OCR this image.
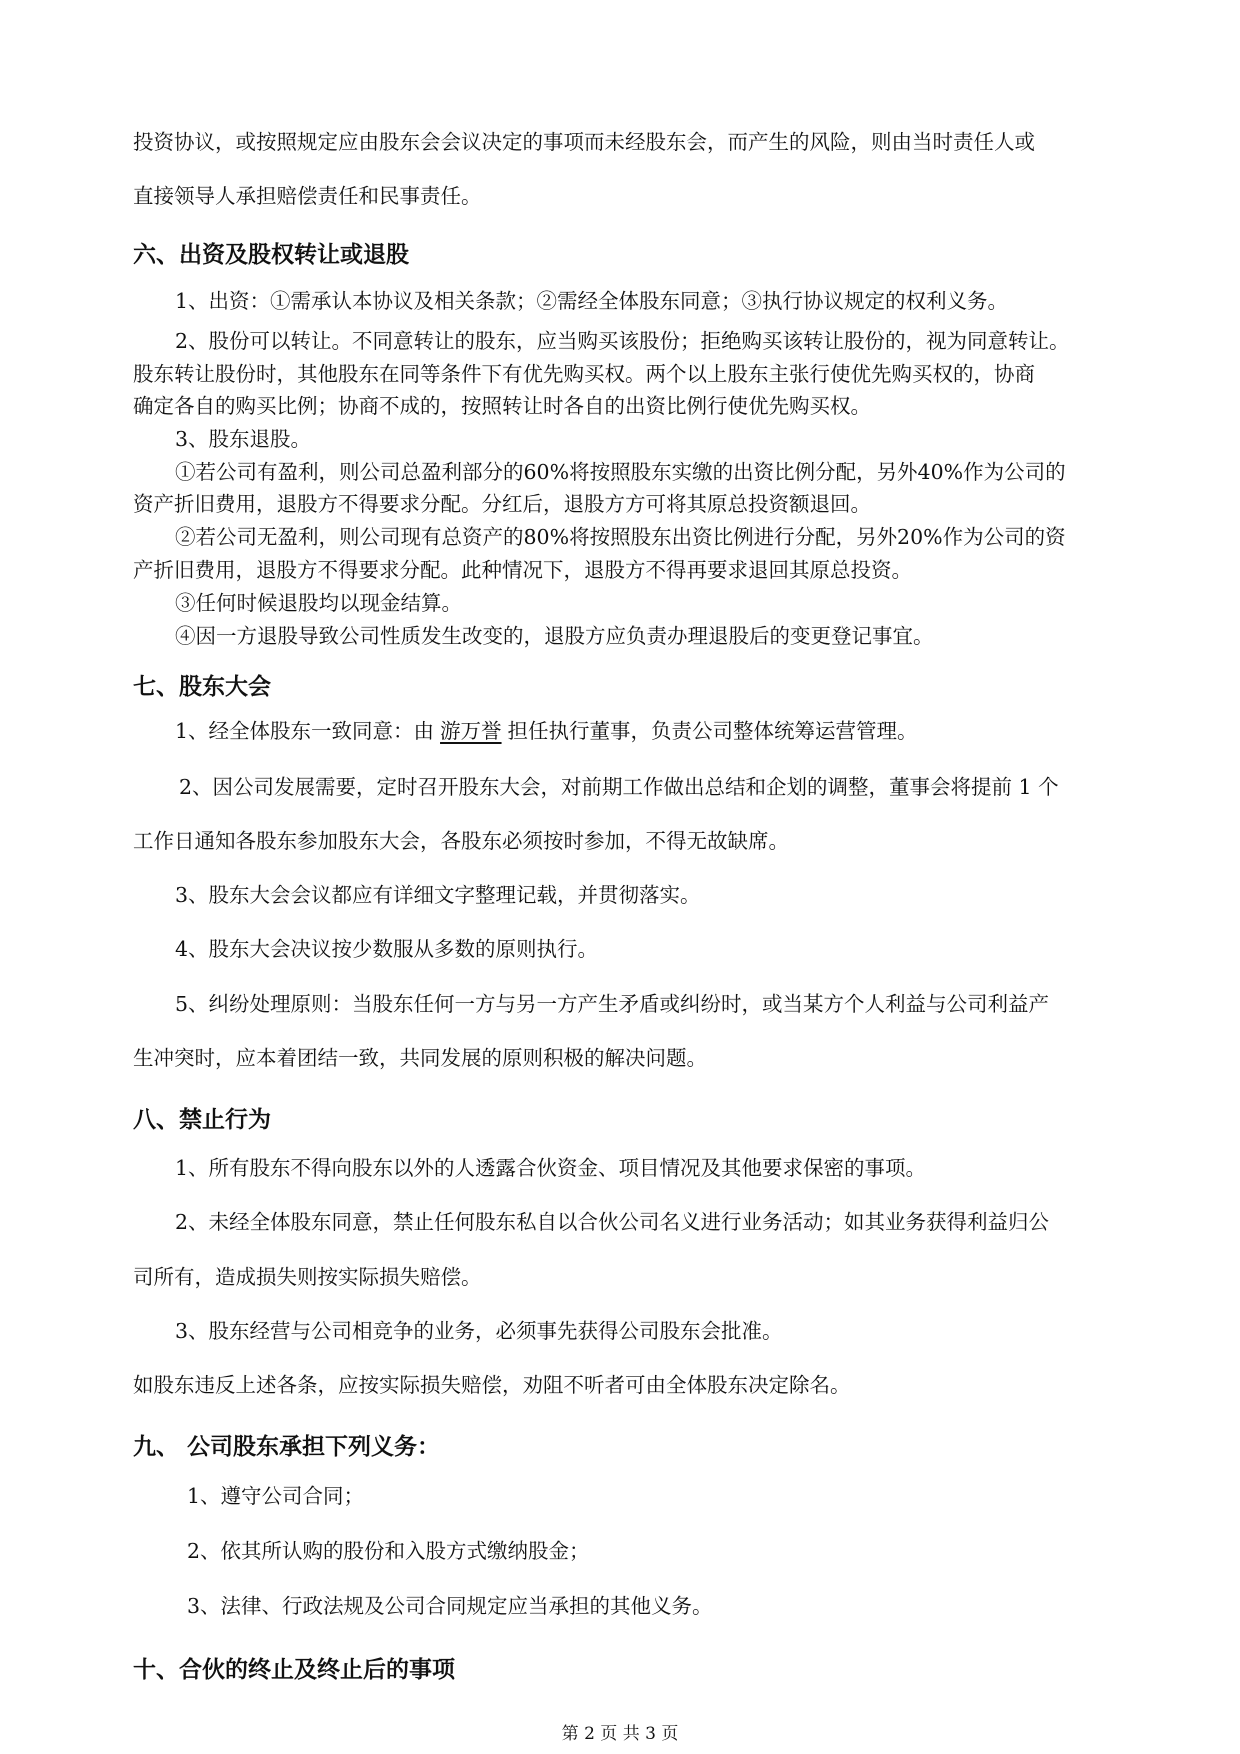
投资协议，或按照规定应由股东会会议决定的事项而未经股东会，而产生的风险，则由当时责任人或
直接领导人承担赔偿责任和民事责任。
六、出资及股权转让或退股
1、出资：①需承认本协议及相关条款；②需经全体股东同意；③执行协议规定的权利义务。
2、股份可以转让。不同意转让的股东，应当购买该股份；拒绝购买该转让股份的，视为同意转让。
股东转让股份时，其他股东在同等条件下有优先购买权。两个以上股东主张行使优先购买权的，协商
确定各自的购买比例；协商不成的，按照转让时各自的出资比例行使优先购买权。
3、股东退股。
①若公司有盈利，则公司总盈利部分的60%将按照股东实缴的出资比例分配，另外40%作为公司的
资产折旧费用，退股方不得要求分配。分红后，退股方方可将其原总投资额退回。
②若公司无盈利，则公司现有总资产的80%将按照股东出资比例进行分配，另外20%作为公司的资
产折旧费用，退股方不得要求分配。此种情况下，退股方不得再要求退回其原总投资。
③任何时候退股均以现金结算。
④因一方退股导致公司性质发生改变的，退股方应负责办理退股后的变更登记事宜。
七、股东大会
1、经全体股东一致同意：由 游万誉 担任执行董事，负责公司整体统筹运营管理。
2、因公司发展需要，定时召开股东大会，对前期工作做出总结和企划的调整，董事会将提前 1 个
工作日通知各股东参加股东大会，各股东必须按时参加，不得无故缺席。
3、股东大会会议都应有详细文字整理记载，并贯彻落实。
4、股东大会决议按少数服从多数的原则执行。
5、纠纷处理原则：当股东任何一方与另一方产生矛盾或纠纷时，或当某方个人利益与公司利益产
生冲突时，应本着团结一致，共同发展的原则积极的解决问题。
八、禁止行为
1、所有股东不得向股东以外的人透露合伙资金、项目情况及其他要求保密的事项。
2、未经全体股东同意，禁止任何股东私自以合伙公司名义进行业务活动；如其业务获得利益归公
司所有，造成损失则按实际损失赔偿。
3、股东经营与公司相竞争的业务，必须事先获得公司股东会批准。
如股东违反上述各条，应按实际损失赔偿，劝阻不听者可由全体股东决定除名。
九、 公司股东承担下列义务：
1、遵守公司合同；
2、依其所认购的股份和入股方式缴纳股金；
3、法律、行政法规及公司合同规定应当承担的其他义务。
十、合伙的终止及终止后的事项
第 2 页 共 3 页
